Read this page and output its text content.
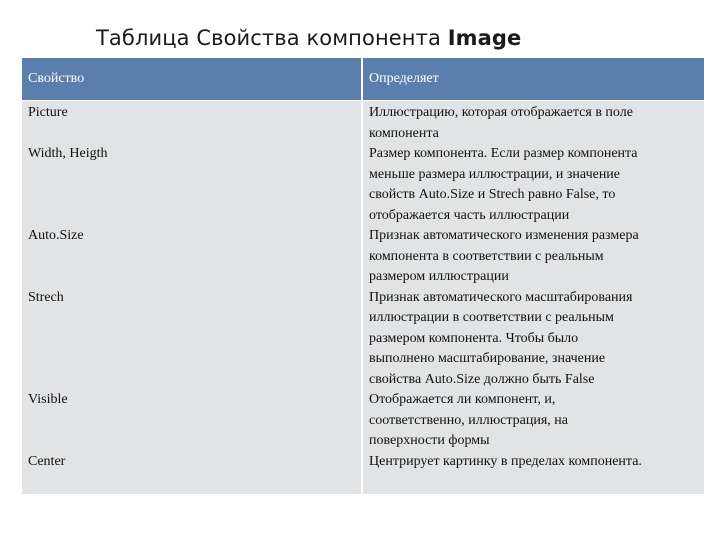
Таблица Свойства компонента Image
Свойство	Определяет
Picture	Иллюстрацию, которая отображается в поле
компонента

Width, Heigth	Размер компонента. Если размер компонента
меньше размера иллюстрации, и значение
свойств Auto.Size и Strech равно False, то
отображается часть иллюстрации

Auto.Size	Признак автоматического изменения размера
компонента в соответствии с реальным
размером иллюстрации

Strech	Признак автоматического масштабирования
иллюстрации в соответствии с реальным
размером компонента. Чтобы было
выполнено масштабирование, значение
свойства Auto.Size должно быть False

Visible	Отображается ли компонент, и,
соответственно, иллюстрация, на
поверхности формы

Center	Центрирует картинку в пределах компонента.
